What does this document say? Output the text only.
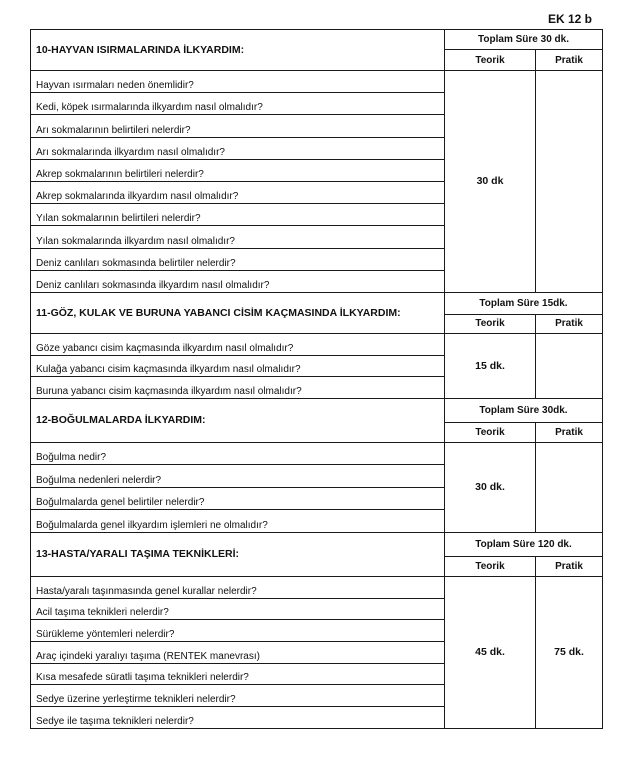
EK 12 b
10-HAYVAN ISIRMALARINDA İLKYARDIM:	Toplam Süre 30 dk.	
	Teorik	Pratik
Hayvan ısırmaları neden önemlidir?	30 dk	
Kedi, köpek ısırmalarında ilkyardım nasıl olmalıdır?		
Arı sokmalarının belirtileri nelerdir?		
Arı sokmalarında ilkyardım nasıl olmalıdır?		
Akrep sokmalarının belirtileri nelerdir?		
Akrep sokmalarında ilkyardım nasıl olmalıdır?		
Yılan sokmalarının belirtileri nelerdir?		
Yılan sokmalarında ilkyardım nasıl olmalıdır?		
Deniz canlıları sokmasında belirtiler nelerdir?		
Deniz canlıları sokmasında ilkyardım nasıl olmalıdır?		
11-GÖZ, KULAK VE BURUNA YABANCI CİSİM KAÇMASINDA İLKYARDIM:	Toplam Süre 15dk.	
	Teorik	Pratik
Göze yabancı cisim kaçmasında ilkyardım nasıl olmalıdır?	15 dk.	
Kulağa yabancı cisim kaçmasında ilkyardım nasıl olmalıdır?		
Buruna yabancı cisim kaçmasında ilkyardım nasıl olmalıdır?		
12-BOĞULMALARDA İLKYARDIM:	Toplam Süre 30dk.	
	Teorik	Pratik
Boğulma nedir?	30 dk.	
Boğulma nedenleri nelerdir?		
Boğulmalarda genel belirtiler nelerdir?		
Boğulmalarda genel ilkyardım işlemleri ne olmalıdır?		
13-HASTA/YARALI TAŞIMA TEKNİKLERİ:	Toplam Süre 120 dk.	
	Teorik	Pratik
Hasta/yaralı taşınmasında genel kurallar nelerdir?	45 dk.	75 dk.
Acil taşıma teknikleri nelerdir?		
Sürükleme yöntemleri nelerdir?		
Araç içindeki yaralıyı taşıma (RENTEK manevrası)		
Kısa mesafede süratli taşıma teknikleri nelerdir?		
Sedye üzerine yerleştirme teknikleri nelerdir?		
Sedye ile taşıma teknikleri nelerdir?		
